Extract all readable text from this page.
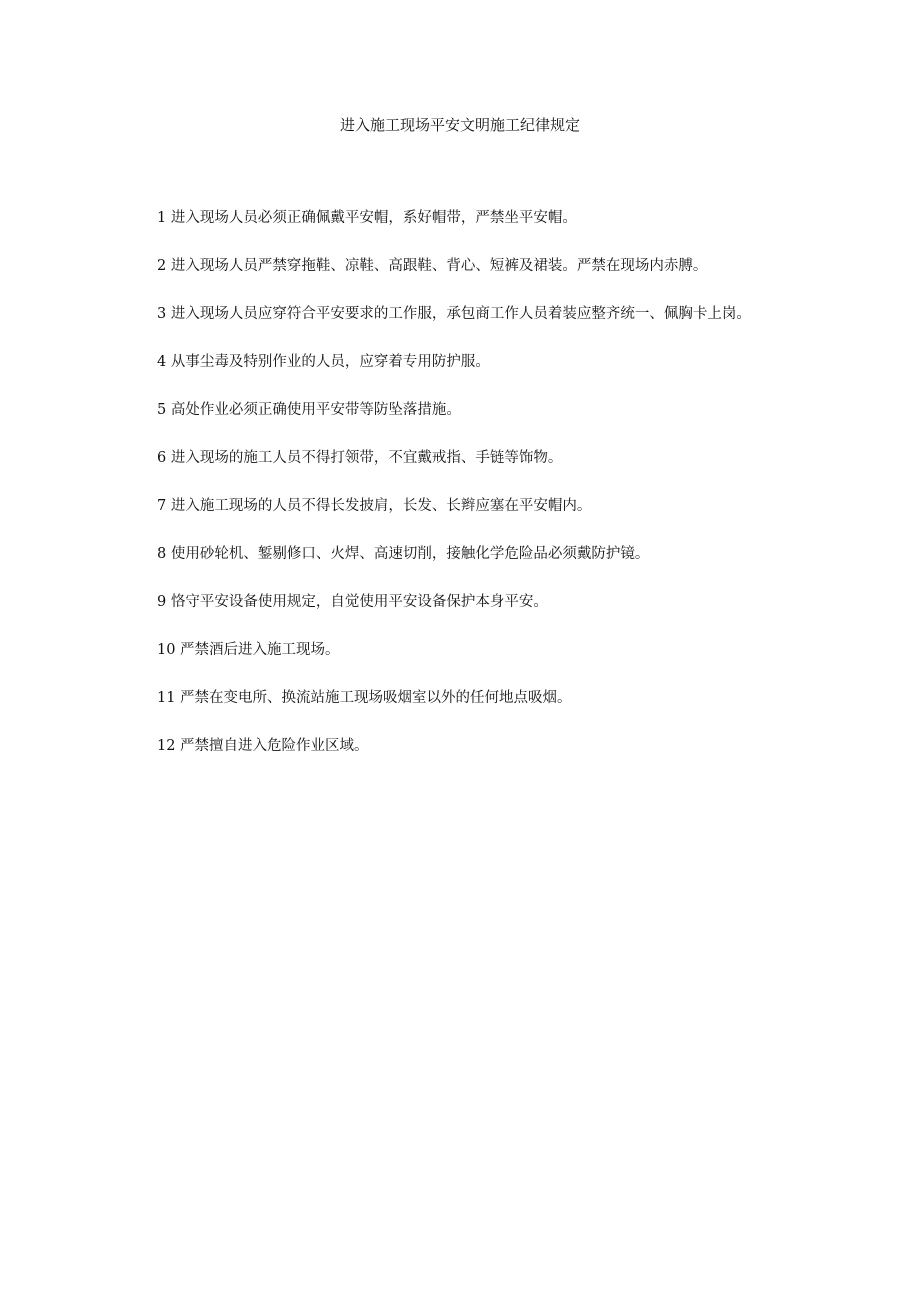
进入施工现场平安文明施工纪律规定
1 进入现场人员必须正确佩戴平安帽，系好帽带，严禁坐平安帽。
2 进入现场人员严禁穿拖鞋、凉鞋、高跟鞋、背心、短裤及裙装。严禁在现场内赤膊。
3 进入现场人员应穿符合平安要求的工作服，承包商工作人员着装应整齐统一、佩胸卡上岗。
4 从事尘毒及特别作业的人员，应穿着专用防护服。
5 高处作业必须正确使用平安带等防坠落措施。
6 进入现场的施工人员不得打领带，不宜戴戒指、手链等饰物。
7 进入施工现场的人员不得长发披肩，长发、长辫应塞在平安帽内。
8 使用砂轮机、錾剔修口、火焊、高速切削，接触化学危险品必须戴防护镜。
9 恪守平安设备使用规定，自觉使用平安设备保护本身平安。
10 严禁酒后进入施工现场。
11 严禁在变电所、换流站施工现场吸烟室以外的任何地点吸烟。
12 严禁擅自进入危险作业区域。
